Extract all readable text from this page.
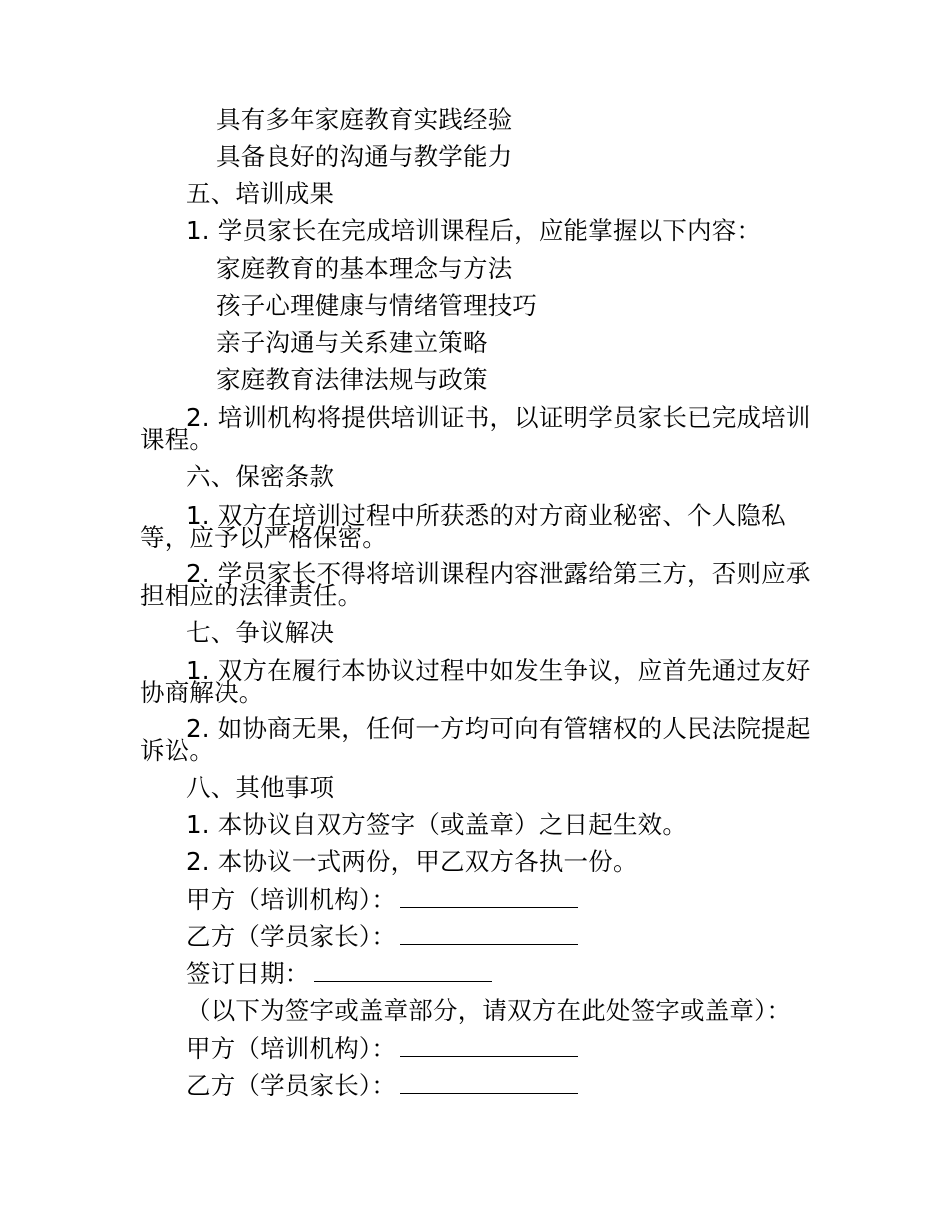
具有多年家庭教育实践经验
具备良好的沟通与教学能力
五、培训成果
1. 学员家长在完成培训课程后，应能掌握以下内容：
家庭教育的基本理念与方法
孩子心理健康与情绪管理技巧
亲子沟通与关系建立策略
家庭教育法律法规与政策
2. 培训机构将提供培训证书，以证明学员家长已完成培训
课程。
六、保密条款
1. 双方在培训过程中所获悉的对方商业秘密、个人隐私
等，应予以严格保密。
2. 学员家长不得将培训课程内容泄露给第三方，否则应承
担相应的法律责任。
七、争议解决
1. 双方在履行本协议过程中如发生争议，应首先通过友好
协商解决。
2. 如协商无果，任何一方均可向有管辖权的人民法院提起
诉讼。
八、其他事项
1. 本协议自双方签字（或盖章）之日起生效。
2. 本协议一式两份，甲乙双方各执一份。
甲方（培训机构）：
乙方（学员家长）：
签订日期：
（以下为签字或盖章部分，请双方在此处签字或盖章）：
甲方（培训机构）：
乙方（学员家长）：
